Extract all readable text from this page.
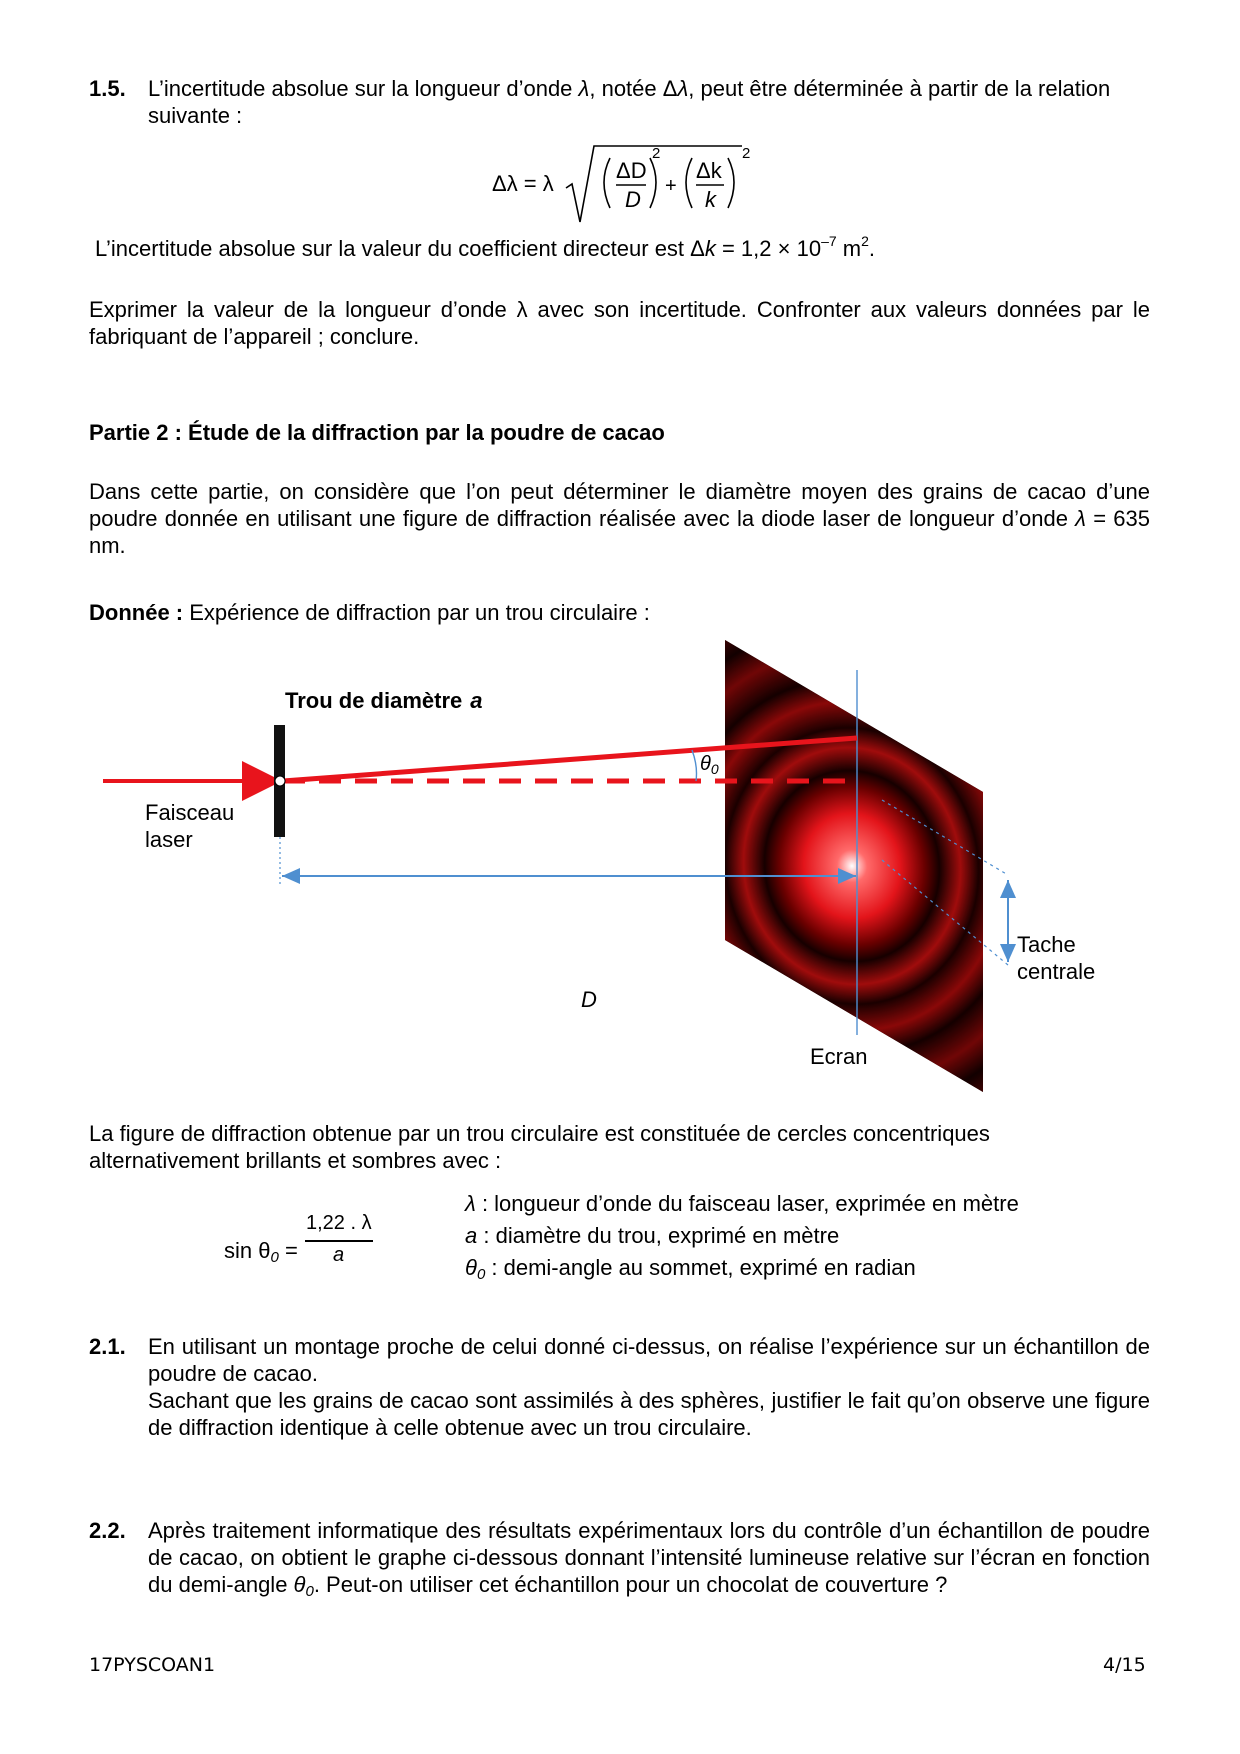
1.5. L’incertitude absolue sur la longueur d’onde λ, notée Δλ, peut être déterminée à partir de la relation

suivante :

Δλ = λ
ΔD
D
2
+
Δk
k
2

L’incertitude absolue sur la valeur du coefficient directeur est $\Delta k = 1,2 \times 10^{-7}$ $m^2$.

Exprimer la valeur de la longueur d’onde λ avec son incertitude. Confronter aux valeurs données par le fabriquant de l’appareil ; conclure.

Partie 2 : Étude de la diffraction par la poudre de cacao

Dans cette partie, on considère que l’on peut déterminer le diamètre moyen des grains de cacao d’une poudre donnée en utilisant une figure de diffraction réalisée avec la diode laser de longueur d’onde λ = 635 nm.

Donnée : Expérience de diffraction par un trou circulaire :

Trou de diamètre a
$\theta_0$
Faisceau
laser
D
Ecran
Tache
centrale

La figure de diffraction obtenue par un trou circulaire est constituée de cercles concentriques

alternativement brillants et sombres avec :

$\sin \theta_0$ =
1,22 . λ
a

λ : longueur d’onde du faisceau laser, exprimée en mètre

a : diamètre du trou, exprimé en mètre

$\theta_0$ : demi-angle au sommet, exprimé en radian

2.1. En utilisant un montage proche de celui donné ci-dessus, on réalise l’expérience sur un échantillon de poudre de cacao.

Sachant que les grains de cacao sont assimilés à des sphères, justifier le fait qu’on observe une figure de diffraction identique à celle obtenue avec un trou circulaire.

2.2. Après traitement informatique des résultats expérimentaux lors du contrôle d’un échantillon de poudre de cacao, on obtient le graphe ci-dessous donnant l’intensité lumineuse relative sur l’écran en fonction du demi-angle $\theta_0$. Peut-on utiliser cet échantillon pour un chocolat de couverture ?

17PYSCOAN1	4/15
